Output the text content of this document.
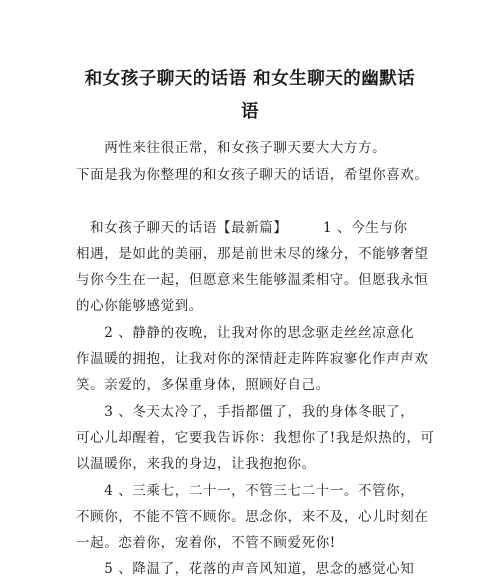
和女孩子聊天的话语 和女生聊天的幽默话
语
　　两性来往很正常，和女孩子聊天要大大方方。
下面是我为你整理的和女孩子聊天的话语，希望你喜欢。
　和女孩子聊天的话语【最新篇】　　　1 、今生与你
相遇，是如此的美丽，那是前世未尽的缘分，不能够奢望
与你今生在一起，但愿意来生能够温柔相守。但愿我永恒
的心你能够感觉到。
　　2 、静静的夜晚，让我对你的思念驱走丝丝凉意化
作温暖的拥抱，让我对你的深情赶走阵阵寂寥化作声声欢
笑。亲爱的，多保重身体，照顾好自己。
　　3 、冬天太冷了，手指都僵了，我的身体冬眠了，
可心儿却醒着，它要我告诉你：我想你了!我是炽热的，可
以温暖你，来我的身边，让我抱抱你。
　　4 、三乘七，二十一，不管三七二十一。不管你，
不顾你，不能不管不顾你。思念你，来不及，心儿时刻在
一起。恋着你，宠着你，不管不顾爱死你!
　　5 、降温了，花落的声音风知道，思念的感觉心知
